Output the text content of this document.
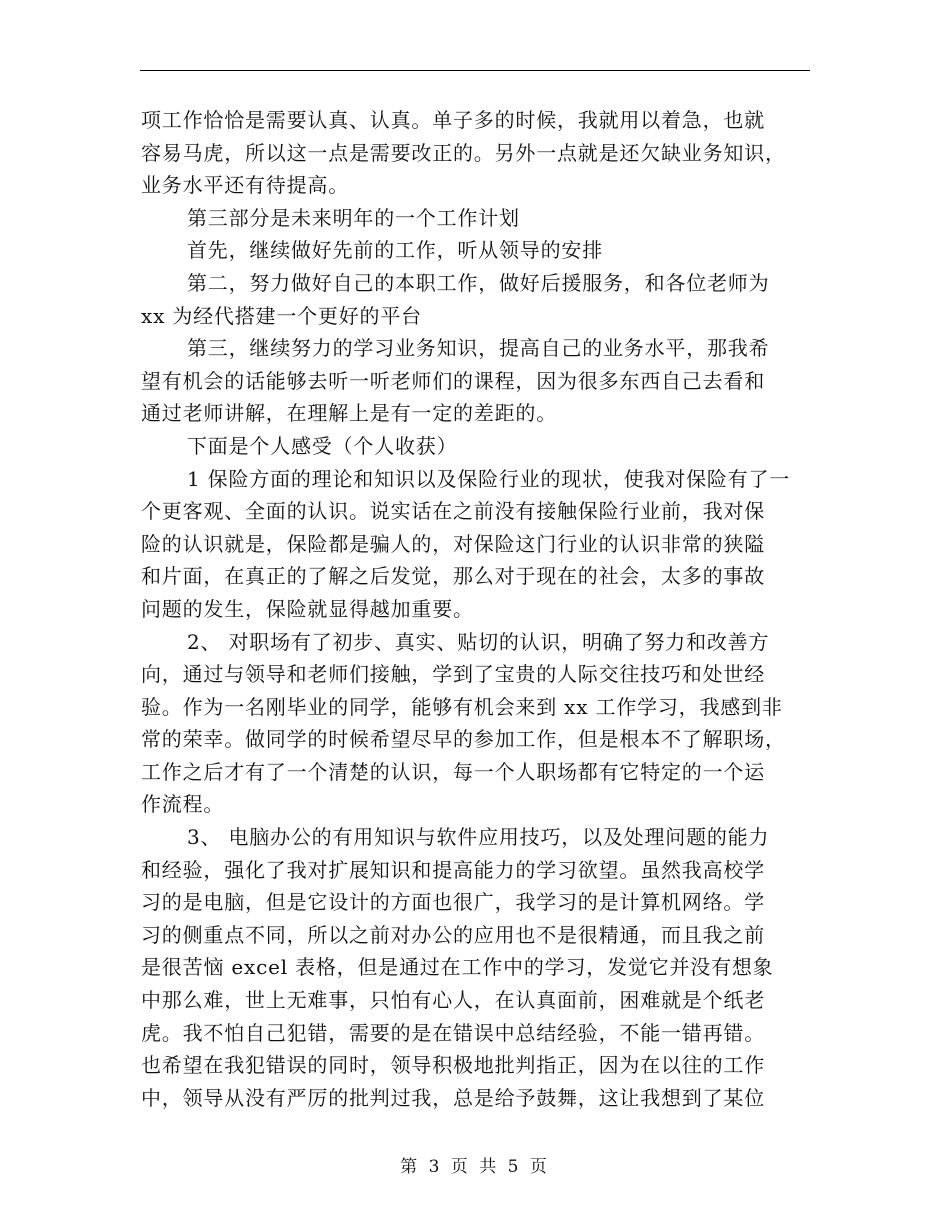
项工作恰恰是需要认真、认真。单子多的时候，我就用以着急，也就
容易马虎，所以这一点是需要改正的。另外一点就是还欠缺业务知识，
业务水平还有待提高。
第三部分是未来明年的一个工作计划
首先，继续做好先前的工作，听从领导的安排
第二，努力做好自己的本职工作，做好后援服务，和各位老师为
xx 为经代搭建一个更好的平台
第三，继续努力的学习业务知识，提高自己的业务水平，那我希
望有机会的话能够去听一听老师们的课程，因为很多东西自己去看和
通过老师讲解，在理解上是有一定的差距的。
下面是个人感受（个人收获）
1 保险方面的理论和知识以及保险行业的现状，使我对保险有了一
个更客观、全面的认识。说实话在之前没有接触保险行业前，我对保
险的认识就是，保险都是骗人的，对保险这门行业的认识非常的狭隘
和片面，在真正的了解之后发觉，那么对于现在的社会，太多的事故
问题的发生，保险就显得越加重要。
2、 对职场有了初步、真实、贴切的认识，明确了努力和改善方
向，通过与领导和老师们接触，学到了宝贵的人际交往技巧和处世经
验。作为一名刚毕业的同学，能够有机会来到 xx 工作学习，我感到非
常的荣幸。做同学的时候希望尽早的参加工作，但是根本不了解职场，
工作之后才有了一个清楚的认识，每一个人职场都有它特定的一个运
作流程。
3、 电脑办公的有用知识与软件应用技巧，以及处理问题的能力
和经验，强化了我对扩展知识和提高能力的学习欲望。虽然我高校学
习的是电脑，但是它设计的方面也很广，我学习的是计算机网络。学
习的侧重点不同，所以之前对办公的应用也不是很精通，而且我之前
是很苦恼 excel 表格，但是通过在工作中的学习，发觉它并没有想象
中那么难，世上无难事，只怕有心人，在认真面前，困难就是个纸老
虎。我不怕自己犯错，需要的是在错误中总结经验，不能一错再错。
也希望在我犯错误的同时，领导积极地批判指正，因为在以往的工作
中，领导从没有严厉的批判过我，总是给予鼓舞，这让我想到了某位
第 3 页 共 5 页
